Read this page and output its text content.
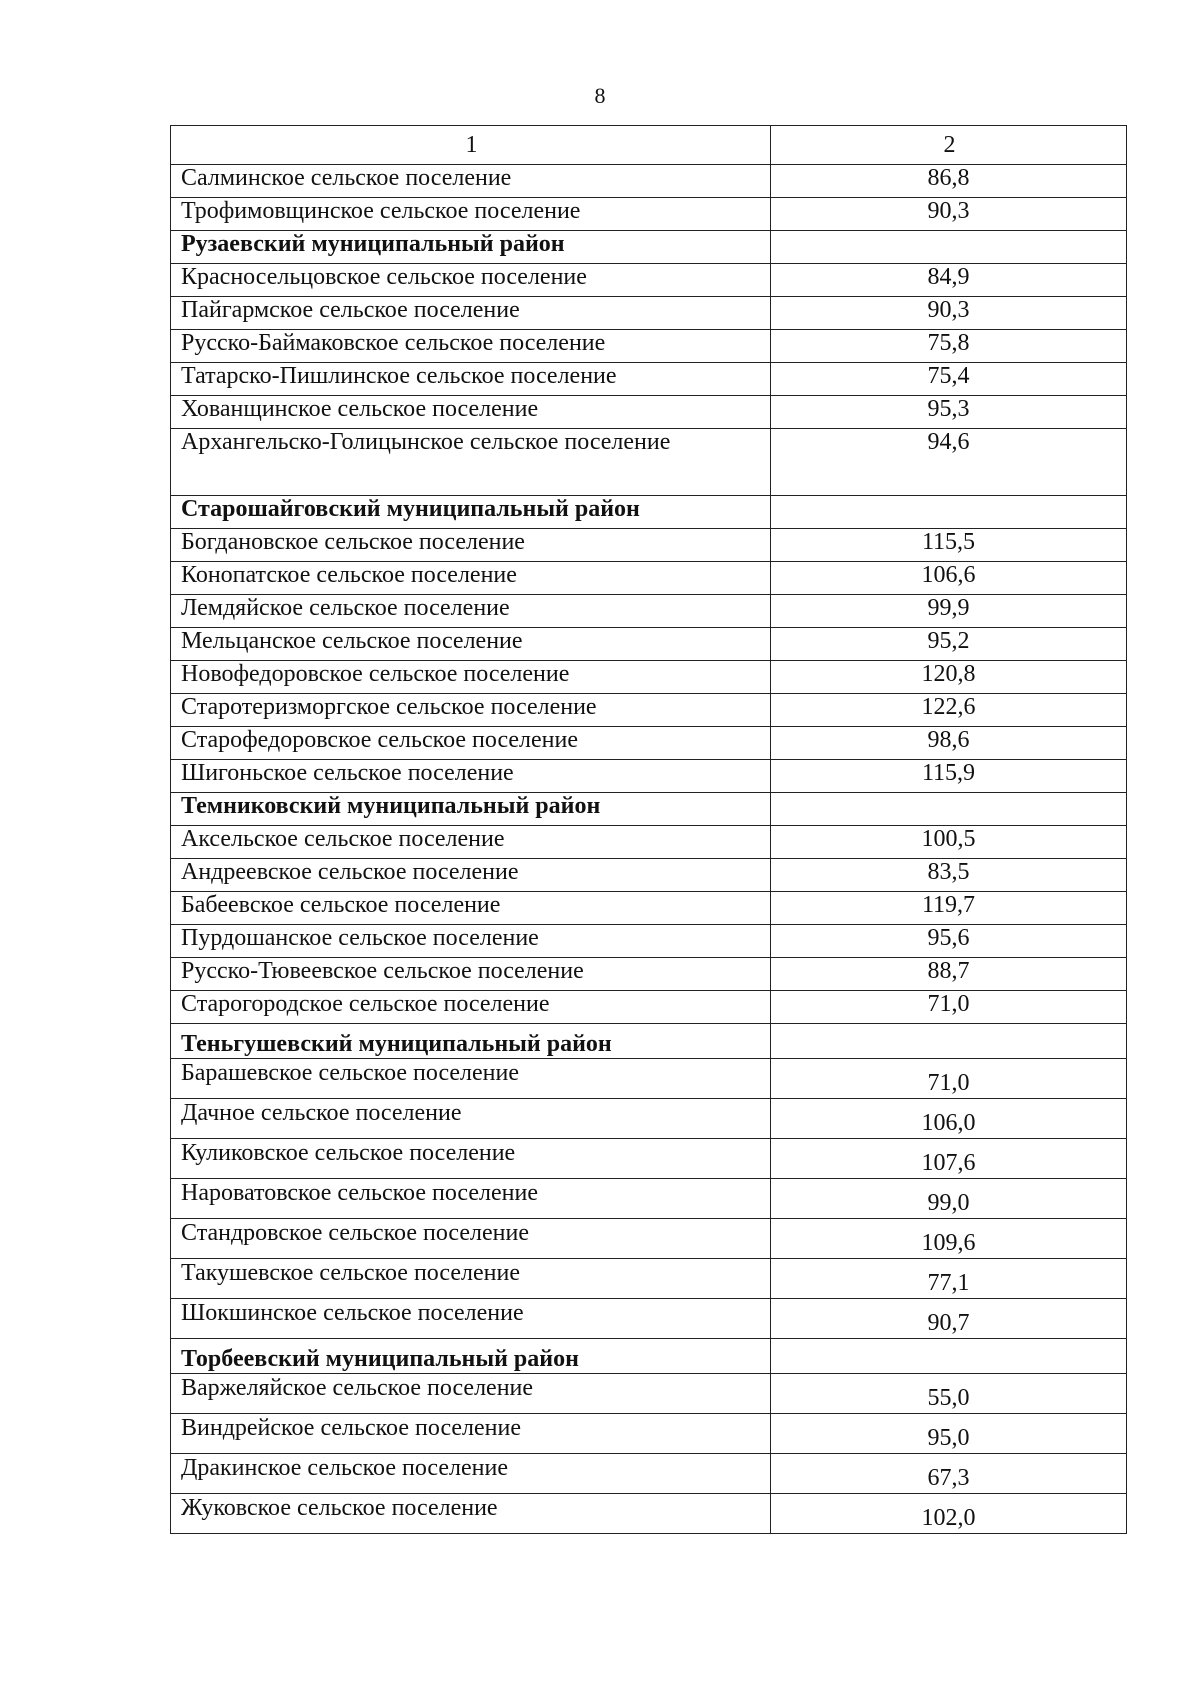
8
1	2
Салминское сельское поселение	86,8
Трофимовщинское сельское поселение	90,3
Рузаевский муниципальный район	
Красносельцовское сельское поселение	84,9
Пайгармское сельское поселение	90,3
Русско-Баймаковское сельское поселение	75,8
Татарско-Пишлинское сельское поселение	75,4
Хованщинское сельское поселение	95,3
Архангельско-Голицынское сельское поселение	94,6
Старошайговский муниципальный район	
Богдановское сельское поселение	115,5
Конопатское сельское поселение	106,6
Лемдяйское сельское поселение	99,9
Мельцанское сельское поселение	95,2
Новофедоровское сельское поселение	120,8
Старотеризморгское сельское поселение	122,6
Старофедоровское сельское поселение	98,6
Шигоньское сельское поселение	115,9
Темниковский муниципальный район	
Аксельское сельское поселение	100,5
Андреевское сельское поселение	83,5
Бабеевское сельское поселение	119,7
Пурдошанское сельское поселение	95,6
Русско-Тювеевское сельское поселение	88,7
Старогородское сельское поселение	71,0
Теньгушевский муниципальный район	
Барашевское сельское поселение	71,0
Дачное сельское поселение	106,0
Куликовское сельское поселение	107,6
Нароватовское сельское поселение	99,0
Стандровское сельское поселение	109,6
Такушевское сельское поселение	77,1
Шокшинское сельское поселение	90,7
Торбеевский муниципальный район	
Варжеляйское сельское поселение	55,0
Виндрейское сельское поселение	95,0
Дракинское сельское поселение	67,3
Жуковское сельское поселение	102,0
